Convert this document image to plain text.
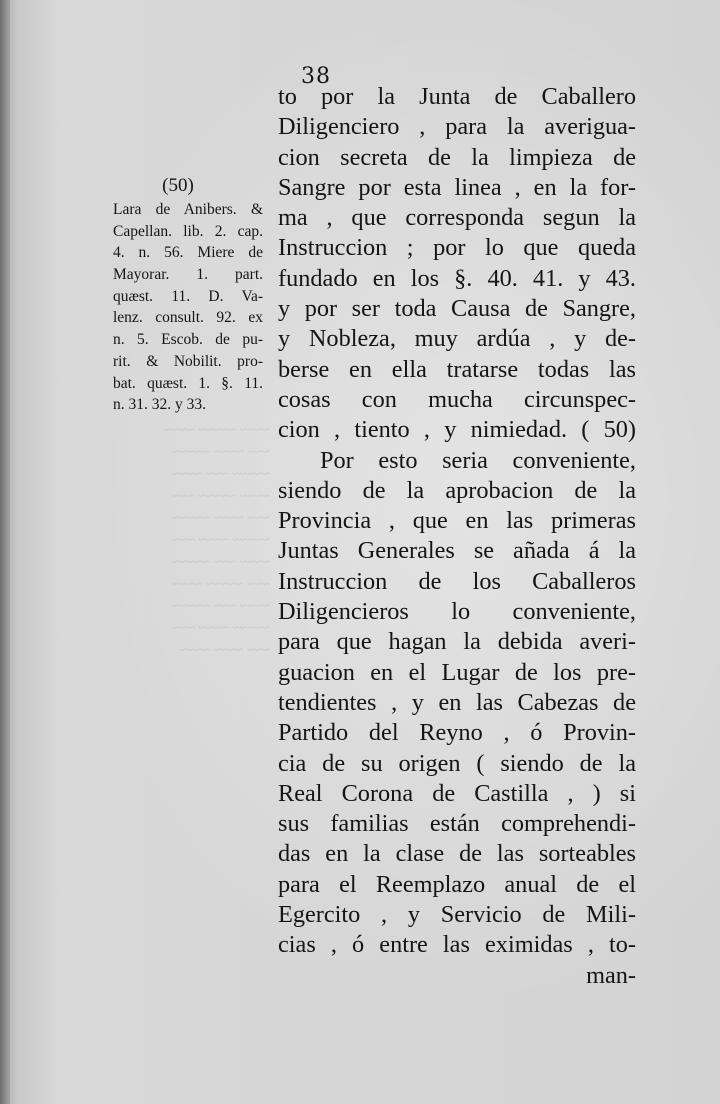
~~~~ ~~~~~ ~~~~
~~~ ~~~~ ~~~~~
~~~~~ ~~~ ~~~~
~~~~ ~~~~~ ~~~
~~~ ~~~~ ~~~~~
~~~~~ ~~~~ ~~~
~~~~ ~~~ ~~~~~
~~~ ~~~~~ ~~~~
~~~~ ~~~ ~~~~~
~~~~~ ~~~~ ~~~
~~~ ~~~~ ~~~~
38
to por la Junta de Caballero
Diligenciero , para la averigua-
cion secreta de la limpieza de
Sangre por esta linea , en la for-
ma , que corresponda segun la
Instruccion ; por lo que queda
fundado en los §. 40. 41. y 43.
y por ser toda Causa de Sangre,
y Nobleza, muy ardúa , y de-
berse en ella tratarse todas las
cosas con mucha circunspec-
cion , tiento , y nimiedad. ( 50)
Por esto seria conveniente,
siendo de la aprobacion de la
Provincia , que en las primeras
Juntas Generales se añada á la
Instruccion de los Caballeros
Diligencieros lo conveniente,
para que hagan la debida averi-
guacion en el Lugar de los pre-
tendientes , y en las Cabezas de
Partido del Reyno , ó Provin-
cia de su origen ( siendo de la
Real Corona de Castilla , ) si
sus familias están comprehendi-
das en la clase de las sorteables
para el Reemplazo anual de el
Egercito , y Servicio de Mili-
cias , ó entre las eximidas , to-
man-
(50)
Lara de Anibers. &
Capellan. lib. 2. cap.
4. n. 56. Miere de
Mayorar. 1. part.
quæst. 11. D. Va-
lenz. consult. 92. ex
n. 5. Escob. de pu-
rit. & Nobilit. pro-
bat. quæst. 1. §. 11.
n. 31. 32. y 33.
